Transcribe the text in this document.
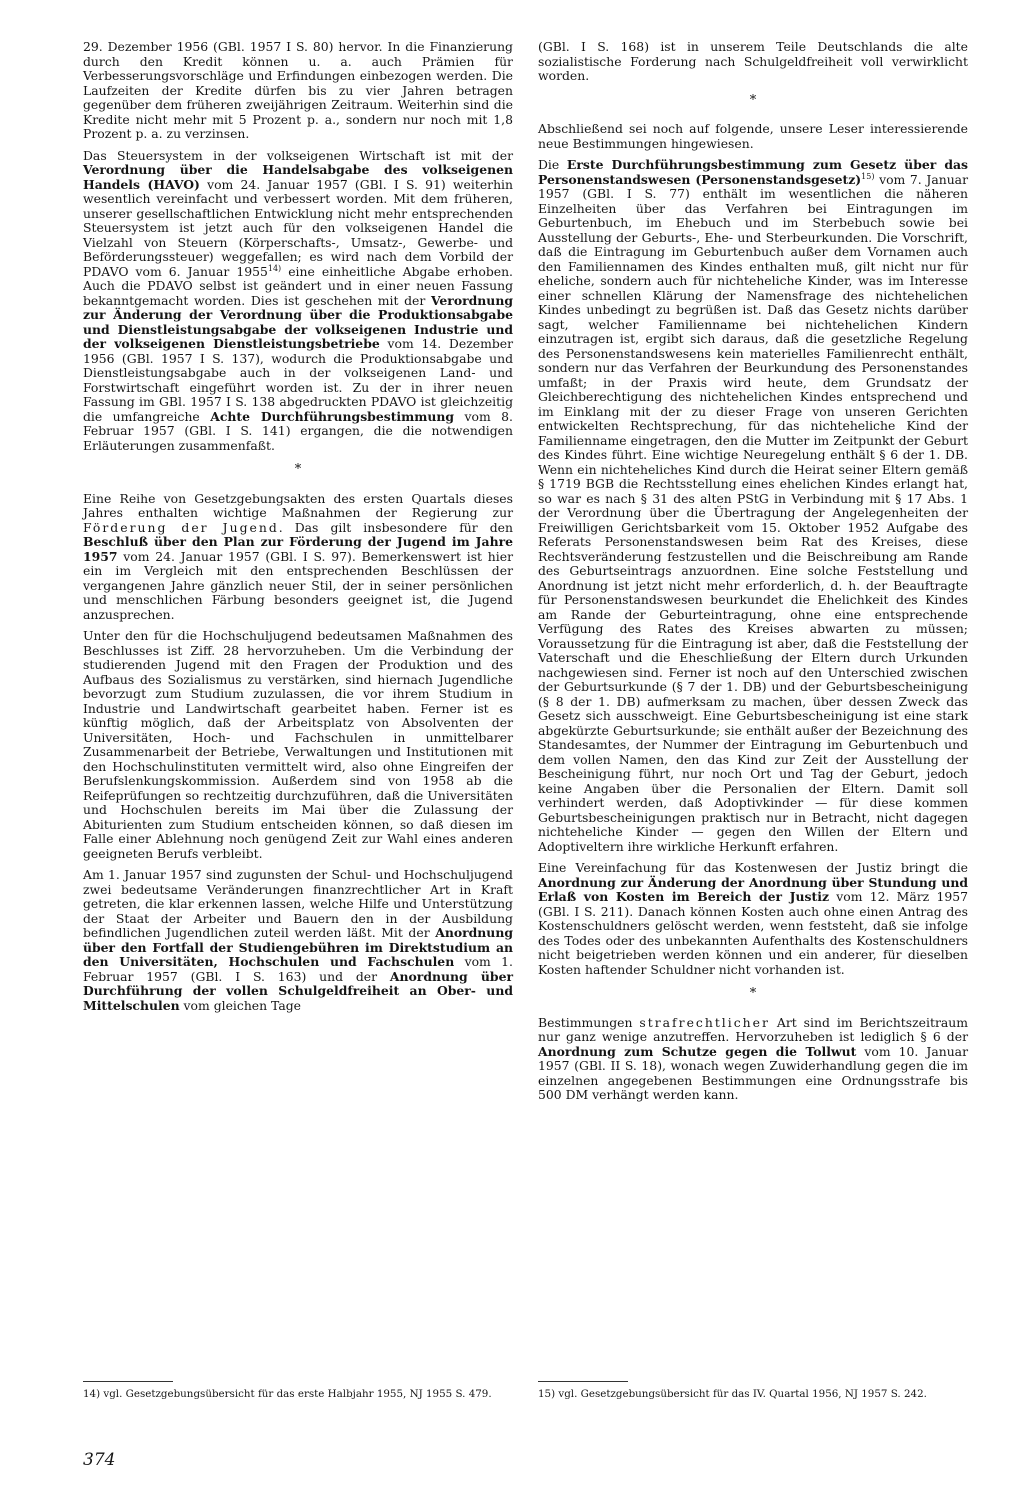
29. Dezember 1956 (GBl. 1957 I S. 80) hervor. In die Finanzierung durch den Kredit können u. a. auch Prämien für Verbesserungsvorschläge und Erfindungen einbezogen werden. Die Laufzeiten der Kredite dürfen bis zu vier Jahren betragen gegenüber dem früheren zweijährigen Zeitraum. Weiterhin sind die Kredite nicht mehr mit 5 Prozent p. a., sondern nur noch mit 1,8 Prozent p. a. zu verzinsen.

Das Steuersystem in der volkseigenen Wirtschaft ist mit der Verordnung über die Handelsabgabe des volkseigenen Handels (HAVO) vom 24. Januar 1957 (GBl. I S. 91) weiterhin wesentlich vereinfacht und verbessert worden. Mit dem früheren, unserer gesellschaftlichen Entwicklung nicht mehr entsprechenden Steuersystem ist jetzt auch für den volkseigenen Handel die Vielzahl von Steuern (Körperschafts-, Umsatz-, Gewerbe- und Beförderungssteuer) weggefallen; es wird nach dem Vorbild der PDAVO vom 6. Januar 1955$^{14)}$ eine einheitliche Abgabe erhoben. Auch die PDAVO selbst ist geändert und in einer neuen Fassung bekanntgemacht worden. Dies ist geschehen mit der Verordnung zur Änderung der Verordnung über die Produktionsabgabe und Dienstleistungsabgabe der volkseigenen Industrie und der volkseigenen Dienstleistungsbetriebe vom 14. Dezember 1956 (GBl. 1957 I S. 137), wodurch die Produktionsabgabe und Dienstleistungsabgabe auch in der volkseigenen Land- und Forstwirtschaft eingeführt worden ist. Zu der in ihrer neuen Fassung im GBl. 1957 I S. 138 abgedruckten PDAVO ist gleichzeitig die umfangreiche Achte Durchführungsbestimmung vom 8. Februar 1957 (GBl. I S. 141) ergangen, die die notwendigen Erläuterungen zusammenfaßt.

*

Eine Reihe von Gesetzgebungsakten des ersten Quartals dieses Jahres enthalten wichtige Maßnahmen der Regierung zur Förderung der Jugend. Das gilt insbesondere für den Beschluß über den Plan zur Förderung der Jugend im Jahre 1957 vom 24. Januar 1957 (GBl. I S. 97). Bemerkenswert ist hier ein im Vergleich mit den entsprechenden Beschlüssen der vergangenen Jahre gänzlich neuer Stil, der in seiner persönlichen und menschlichen Färbung besonders geeignet ist, die Jugend anzusprechen.

Unter den für die Hochschuljugend bedeutsamen Maßnahmen des Beschlusses ist Ziff. 28 hervorzuheben. Um die Verbindung der studierenden Jugend mit den Fragen der Produktion und des Aufbaus des Sozialismus zu verstärken, sind hiernach Jugendliche bevorzugt zum Studium zuzulassen, die vor ihrem Studium in Industrie und Landwirtschaft gearbeitet haben. Ferner ist es künftig möglich, daß der Arbeitsplatz von Absolventen der Universitäten, Hoch- und Fachschulen in unmittelbarer Zusammenarbeit der Betriebe, Verwaltungen und Institutionen mit den Hochschulinstituten vermittelt wird, also ohne Eingreifen der Berufslenkungskommission. Außerdem sind von 1958 ab die Reifeprüfungen so rechtzeitig durchzuführen, daß die Universitäten und Hochschulen bereits im Mai über die Zulassung der Abiturienten zum Studium entscheiden können, so daß diesen im Falle einer Ablehnung noch genügend Zeit zur Wahl eines anderen geeigneten Berufs verbleibt.

Am 1. Januar 1957 sind zugunsten der Schul- und Hochschuljugend zwei bedeutsame Veränderungen finanzrechtlicher Art in Kraft getreten, die klar erkennen lassen, welche Hilfe und Unterstützung der Staat der Arbeiter und Bauern den in der Ausbildung befindlichen Jugendlichen zuteil werden läßt. Mit der Anordnung über den Fortfall der Studiengebühren im Direktstudium an den Universitäten, Hochschulen und Fachschulen vom 1. Februar 1957 (GBl. I S. 163) und der Anordnung über Durchführung der vollen Schulgeldfreiheit an Ober- und Mittelschulen vom gleichen Tage

(GBl. I S. 168) ist in unserem Teile Deutschlands die alte sozialistische Forderung nach Schulgeldfreiheit voll verwirklicht worden.

*

Abschließend sei noch auf folgende, unsere Leser interessierende neue Bestimmungen hingewiesen.

Die Erste Durchführungsbestimmung zum Gesetz über das Personenstandswesen (Personenstandsgesetz)$^{15)}$ vom 7. Januar 1957 (GBl. I S. 77) enthält im wesentlichen die näheren Einzelheiten über das Verfahren bei Eintragungen im Geburtenbuch, im Ehebuch und im Sterbebuch sowie bei Ausstellung der Geburts-, Ehe- und Sterbeurkunden. Die Vorschrift, daß die Eintragung im Geburtenbuch außer dem Vornamen auch den Familiennamen des Kindes enthalten muß, gilt nicht nur für eheliche, sondern auch für nichteheliche Kinder, was im Interesse einer schnellen Klärung der Namensfrage des nichtehelichen Kindes unbedingt zu begrüßen ist. Daß das Gesetz nichts darüber sagt, welcher Familienname bei nichtehelichen Kindern einzutragen ist, ergibt sich daraus, daß die gesetzliche Regelung des Personenstandswesens kein materielles Familienrecht enthält, sondern nur das Verfahren der Beurkundung des Personenstandes umfaßt; in der Praxis wird heute, dem Grundsatz der Gleichberechtigung des nichtehelichen Kindes entsprechend und im Einklang mit der zu dieser Frage von unseren Gerichten entwickelten Rechtsprechung, für das nichteheliche Kind der Familienname eingetragen, den die Mutter im Zeitpunkt der Geburt des Kindes führt. Eine wichtige Neuregelung enthält § 6 der 1. DB. Wenn ein nichteheliches Kind durch die Heirat seiner Eltern gemäß § 1719 BGB die Rechtsstellung eines ehelichen Kindes erlangt hat, so war es nach § 31 des alten PStG in Verbindung mit § 17 Abs. 1 der Verordnung über die Übertragung der Angelegenheiten der Freiwilligen Gerichtsbarkeit vom 15. Oktober 1952 Aufgabe des Referats Personenstandswesen beim Rat des Kreises, diese Rechtsveränderung festzustellen und die Beischreibung am Rande des Geburtseintrags anzuordnen. Eine solche Feststellung und Anordnung ist jetzt nicht mehr erforderlich, d. h. der Beauftragte für Personenstandswesen beurkundet die Ehelichkeit des Kindes am Rande der Geburteintragung, ohne eine entsprechende Verfügung des Rates des Kreises abwarten zu müssen; Voraussetzung für die Eintragung ist aber, daß die Feststellung der Vaterschaft und die Eheschließung der Eltern durch Urkunden nachgewiesen sind. Ferner ist noch auf den Unterschied zwischen der Geburtsurkunde (§ 7 der 1. DB) und der Geburtsbescheinigung (§ 8 der 1. DB) aufmerksam zu machen, über dessen Zweck das Gesetz sich ausschweigt. Eine Geburtsbescheinigung ist eine stark abgekürzte Geburtsurkunde; sie enthält außer der Bezeichnung des Standesamtes, der Nummer der Eintragung im Geburtenbuch und dem vollen Namen, den das Kind zur Zeit der Ausstellung der Bescheinigung führt, nur noch Ort und Tag der Geburt, jedoch keine Angaben über die Personalien der Eltern. Damit soll verhindert werden, daß Adoptivkinder — für diese kommen Geburtsbescheinigungen praktisch nur in Betracht, nicht dagegen nichteheliche Kinder — gegen den Willen der Eltern und Adoptiveltern ihre wirkliche Herkunft erfahren.

Eine Vereinfachung für das Kostenwesen der Justiz bringt die Anordnung zur Änderung der Anordnung über Stundung und Erlaß von Kosten im Bereich der Justiz vom 12. März 1957 (GBl. I S. 211). Danach können Kosten auch ohne einen Antrag des Kostenschuldners gelöscht werden, wenn feststeht, daß sie infolge des Todes oder des unbekannten Aufenthalts des Kostenschuldners nicht beigetrieben werden können und ein anderer, für dieselben Kosten haftender Schuldner nicht vorhanden ist.

*

Bestimmungen strafrechtlicher Art sind im Berichtszeitraum nur ganz wenige anzutreffen. Hervorzuheben ist lediglich § 6 der Anordnung zum Schutze gegen die Tollwut vom 10. Januar 1957 (GBl. II S. 18), wonach wegen Zuwiderhandlung gegen die im einzelnen angegebenen Bestimmungen eine Ordnungsstrafe bis 500 DM verhängt werden kann.

14) vgl. Gesetzgebungsübersicht für das erste Halbjahr 1955, NJ 1955 S. 479.	15) vgl. Gesetzgebungsübersicht für das IV. Quartal 1956, NJ 1957 S. 242.

374
